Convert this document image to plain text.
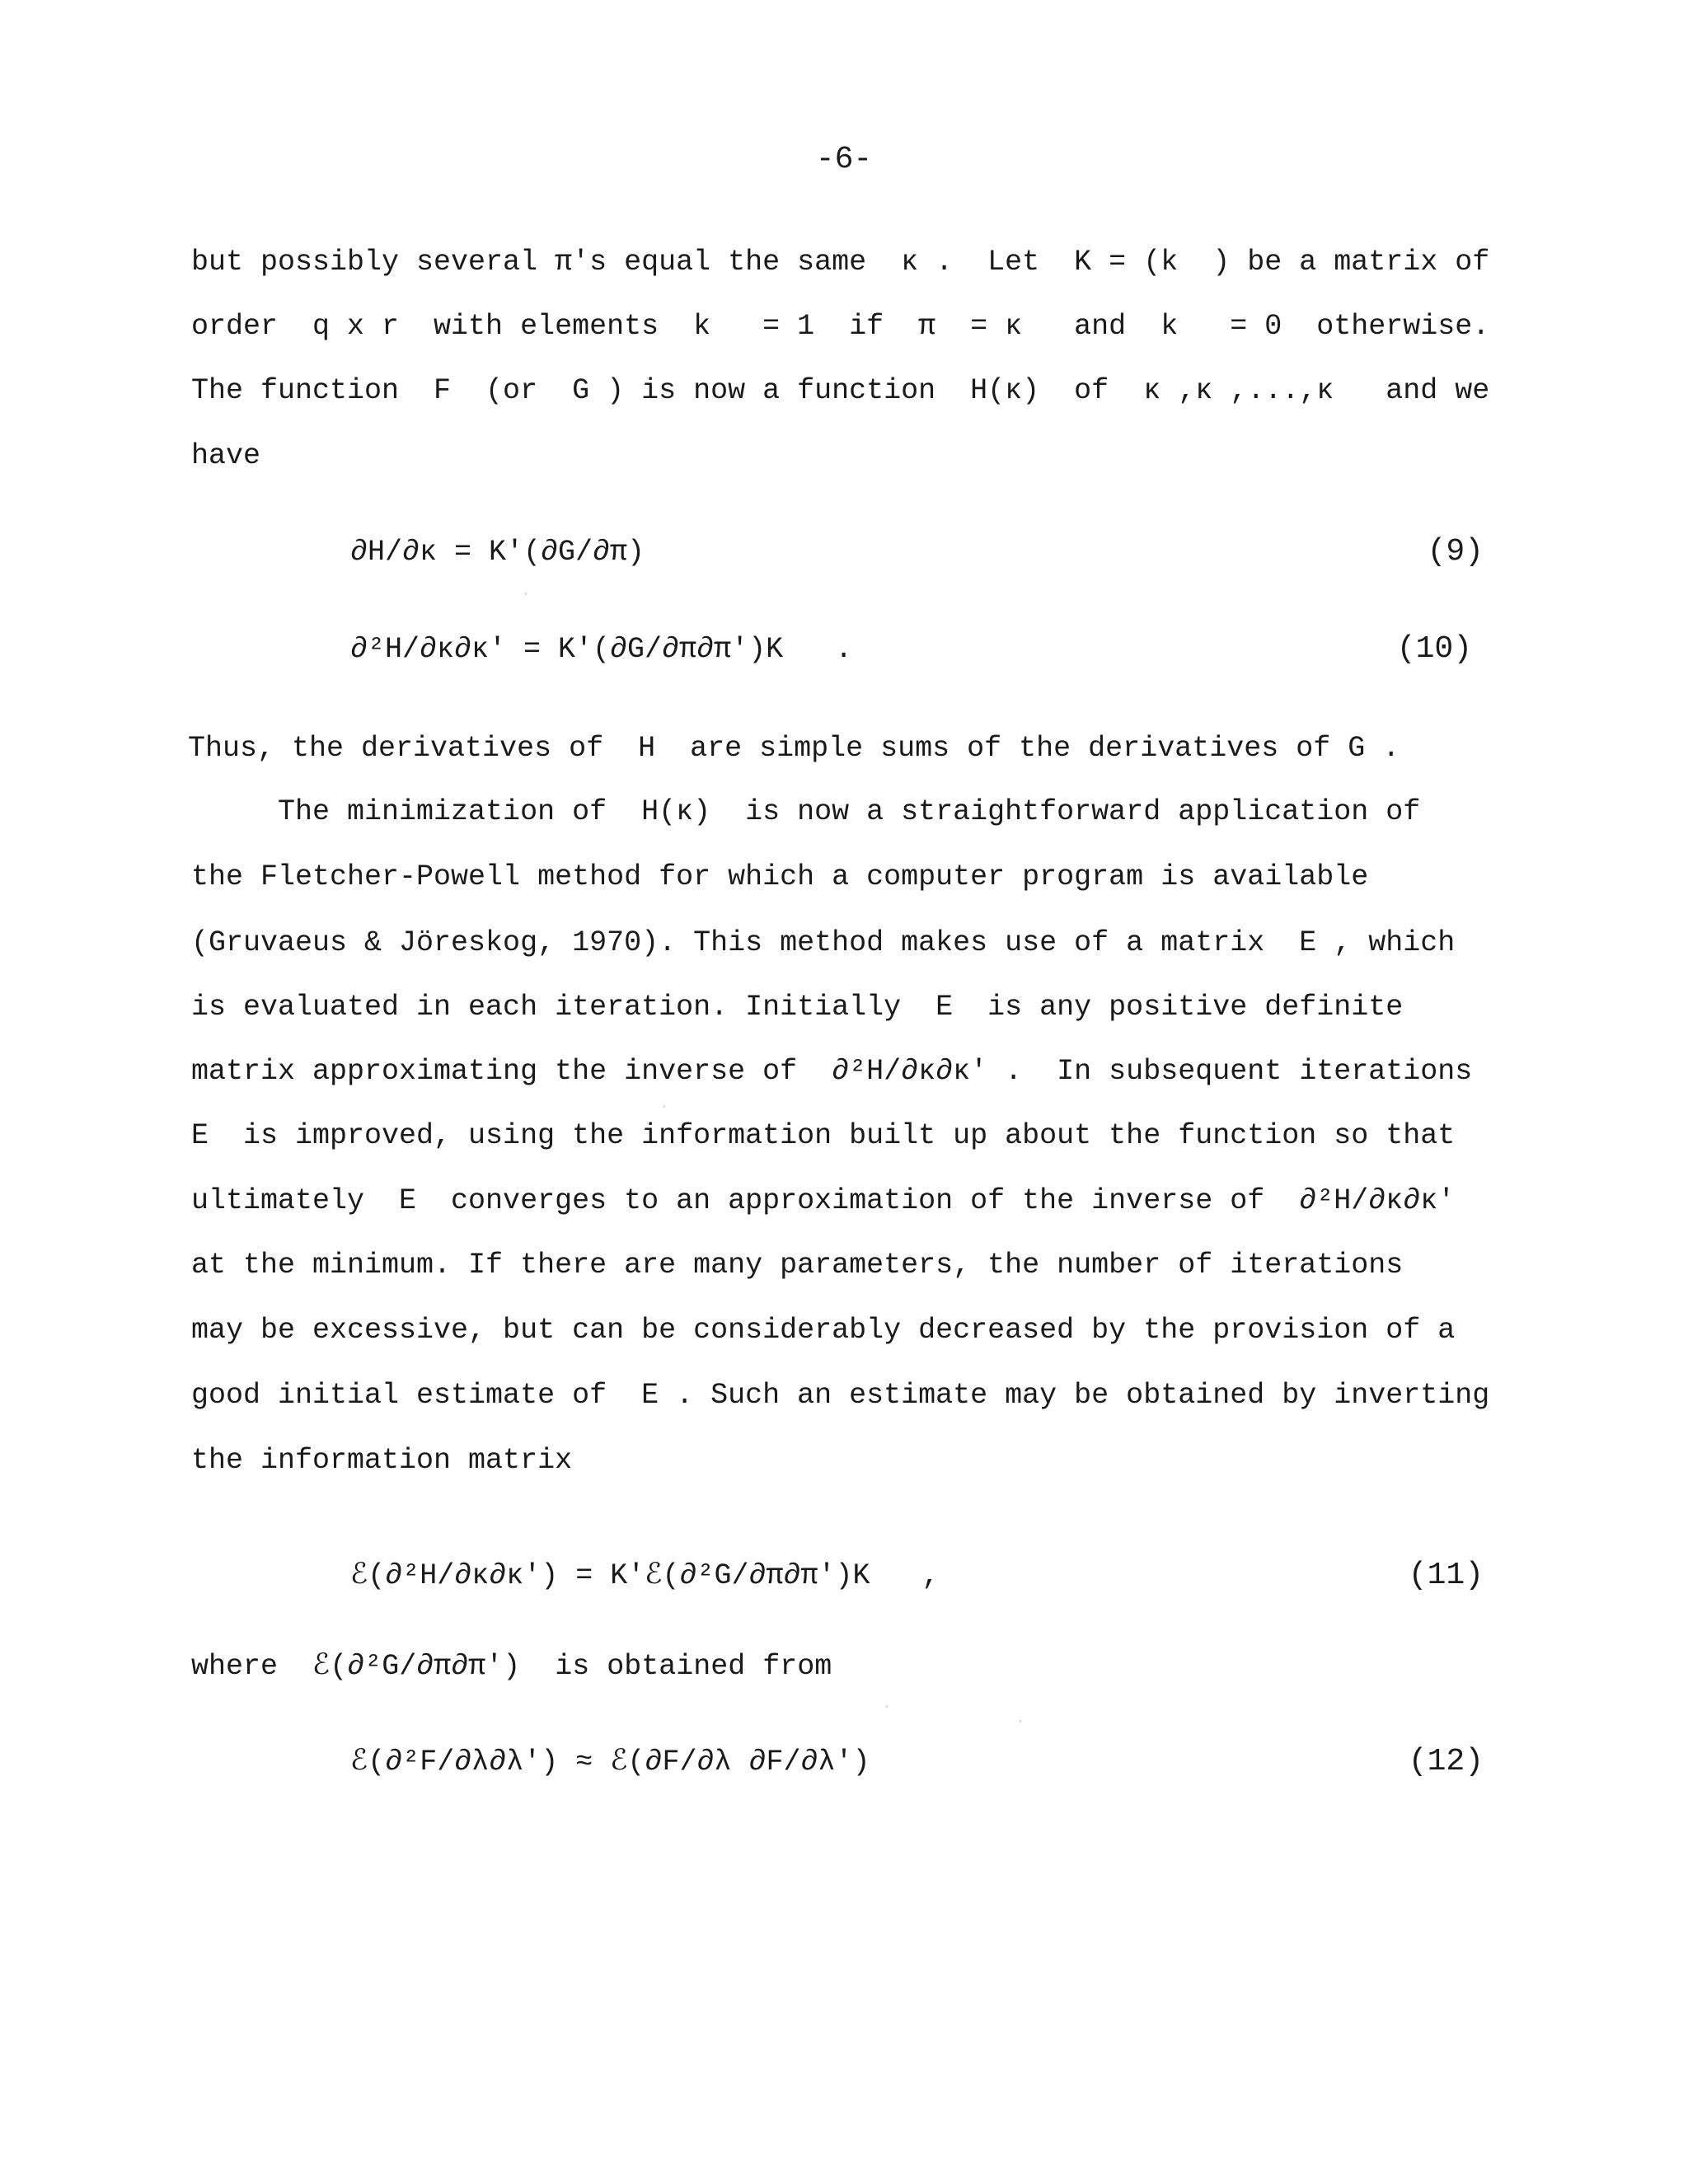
-6-
but possibly several π's equal the same  κ .  Let  K = (k  ) be a matrix of
order  q x r  with elements  k   = 1  if  π  = κ   and  k   = 0  otherwise.
The function  F  (or  G ) is now a function  H(κ)  of  κ ,κ ,...,κ   and we
have
∂H/∂κ = K'(∂G/∂π)	(9)
∂²H/∂κ∂κ' = K'(∂G/∂π∂π')K   .	(10)
Thus, the derivatives of  H  are simple sums of the derivatives of G .
The minimization of  H(κ)  is now a straightforward application of
the Fletcher-Powell method for which a computer program is available
(Gruvaeus & Jöreskog, 1970). This method makes use of a matrix  E , which
is evaluated in each iteration. Initially  E  is any positive definite
matrix approximating the inverse of  ∂²H/∂κ∂κ' .  In subsequent iterations
E  is improved, using the information built up about the function so that
ultimately  E  converges to an approximation of the inverse of  ∂²H/∂κ∂κ'
at the minimum. If there are many parameters, the number of iterations
may be excessive, but can be considerably decreased by the provision of a
good initial estimate of  E . Such an estimate may be obtained by inverting
the information matrix
ℰ(∂²H/∂κ∂κ') = K'ℰ(∂²G/∂π∂π')K   ,	(11)
where  ℰ(∂²G/∂π∂π')  is obtained from
ℰ(∂²F/∂λ∂λ') ≈ ℰ(∂F/∂λ ∂F/∂λ')	(12)
·
·
·
·
